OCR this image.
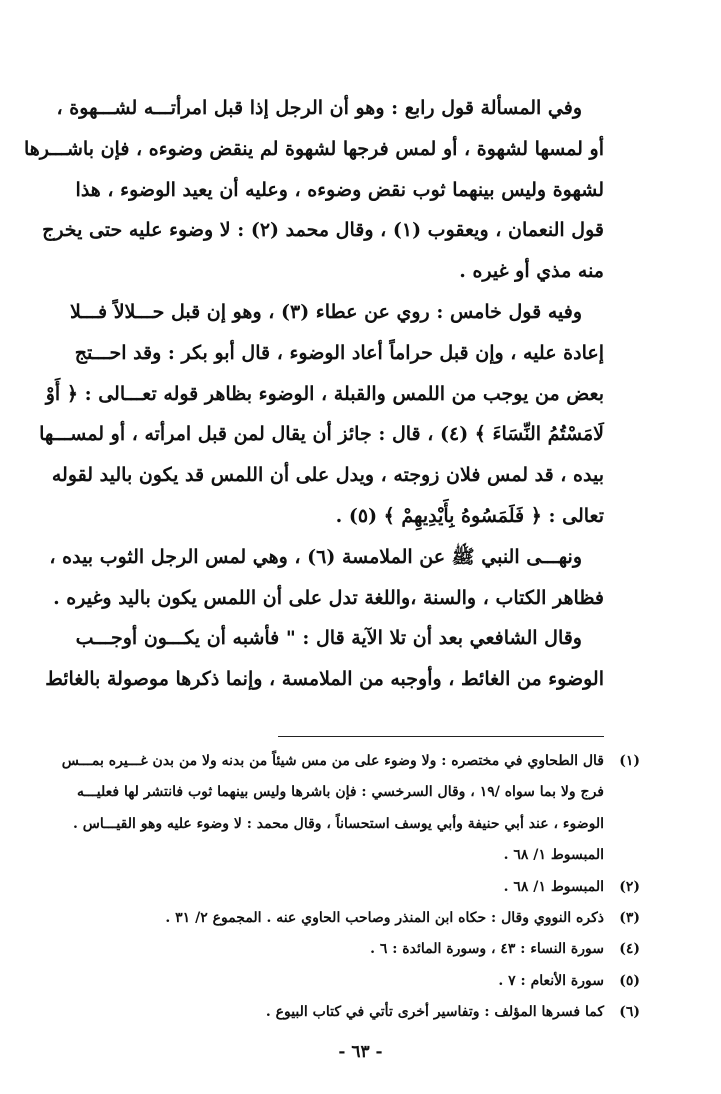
وفي المسألة قول رابع : وهو أن الرجل إذا قبل امرأتـــه لشـــهوة ،
أو لمسها لشهوة ، أو لمس فرجها لشهوة لم ينقض وضوءه ، فإن باشـــرها
لشهوة وليس بينهما ثوب نقض وضوءه ، وعليه أن يعيد الوضوء ، هذا
قول النعمان ، ويعقوب (١) ، وقال محمد (٢) : لا وضوء عليه حتى يخرج
منه مذي أو غيره .
وفيه قول خامس : روي عن عطاء (٣) ، وهو إن قبل حـــلالاً فـــلا
إعادة عليه ، وإن قبل حراماً أعاد الوضوء ، قال أبو بكر : وقد احـــتج
بعض من يوجب من اللمس والقبلة ، الوضوء بظاهر قوله تعـــالى : ﴿ أَوْ
لَامَسْتُمُ النِّسَاءَ ﴾ (٤) ، قال : جائز أن يقال لمن قبل امرأته ، أو لمســـها
بيده ، قد لمس فلان زوجته ، ويدل على أن اللمس قد يكون باليد لقوله
تعالى : ﴿ فَلَمَسُوهُ بِأَيْدِيهِمْ ﴾ (٥) .
ونهـــى النبي ﷺ عن الملامسة (٦) ، وهي لمس الرجل الثوب بيده ،
فظاهر الكتاب ، والسنة ،واللغة تدل على أن اللمس يكون باليد وغيره .
وقال الشافعي بعد أن تلا الآية قال : " فأشبه أن يكـــون أوجـــب
الوضوء من الغائط ، وأوجبه من الملامسة ، وإنما ذكرها موصولة بالغائط
(١)
قال الطحاوي في مختصره : ولا وضوء على من مس شيئاً من بدنه ولا من بدن غـــيره بمـــس
فرج ولا بما سواه /١٩ ، وقال السرخسي : فإن باشرها وليس بينهما ثوب فانتشر لها فعليـــه
الوضوء ، عند أبي حنيفة وأبي يوسف استحساناً ، وقال محمد : لا وضوء عليه وهو القيـــاس .
المبسوط ١/ ٦٨ .
(٢)
المبسوط ١/ ٦٨ .
(٣)
ذكره النووي وقال : حكاه ابن المنذر وصاحب الحاوي عنه . المجموع ٢/ ٣١ .
(٤)
سورة النساء : ٤٣ ، وسورة المائدة : ٦ .
(٥)
سورة الأنعام : ٧ .
(٦)
كما فسرها المؤلف : وتفاسير أخرى تأتي في كتاب البيوع .
- ٦٣ -
